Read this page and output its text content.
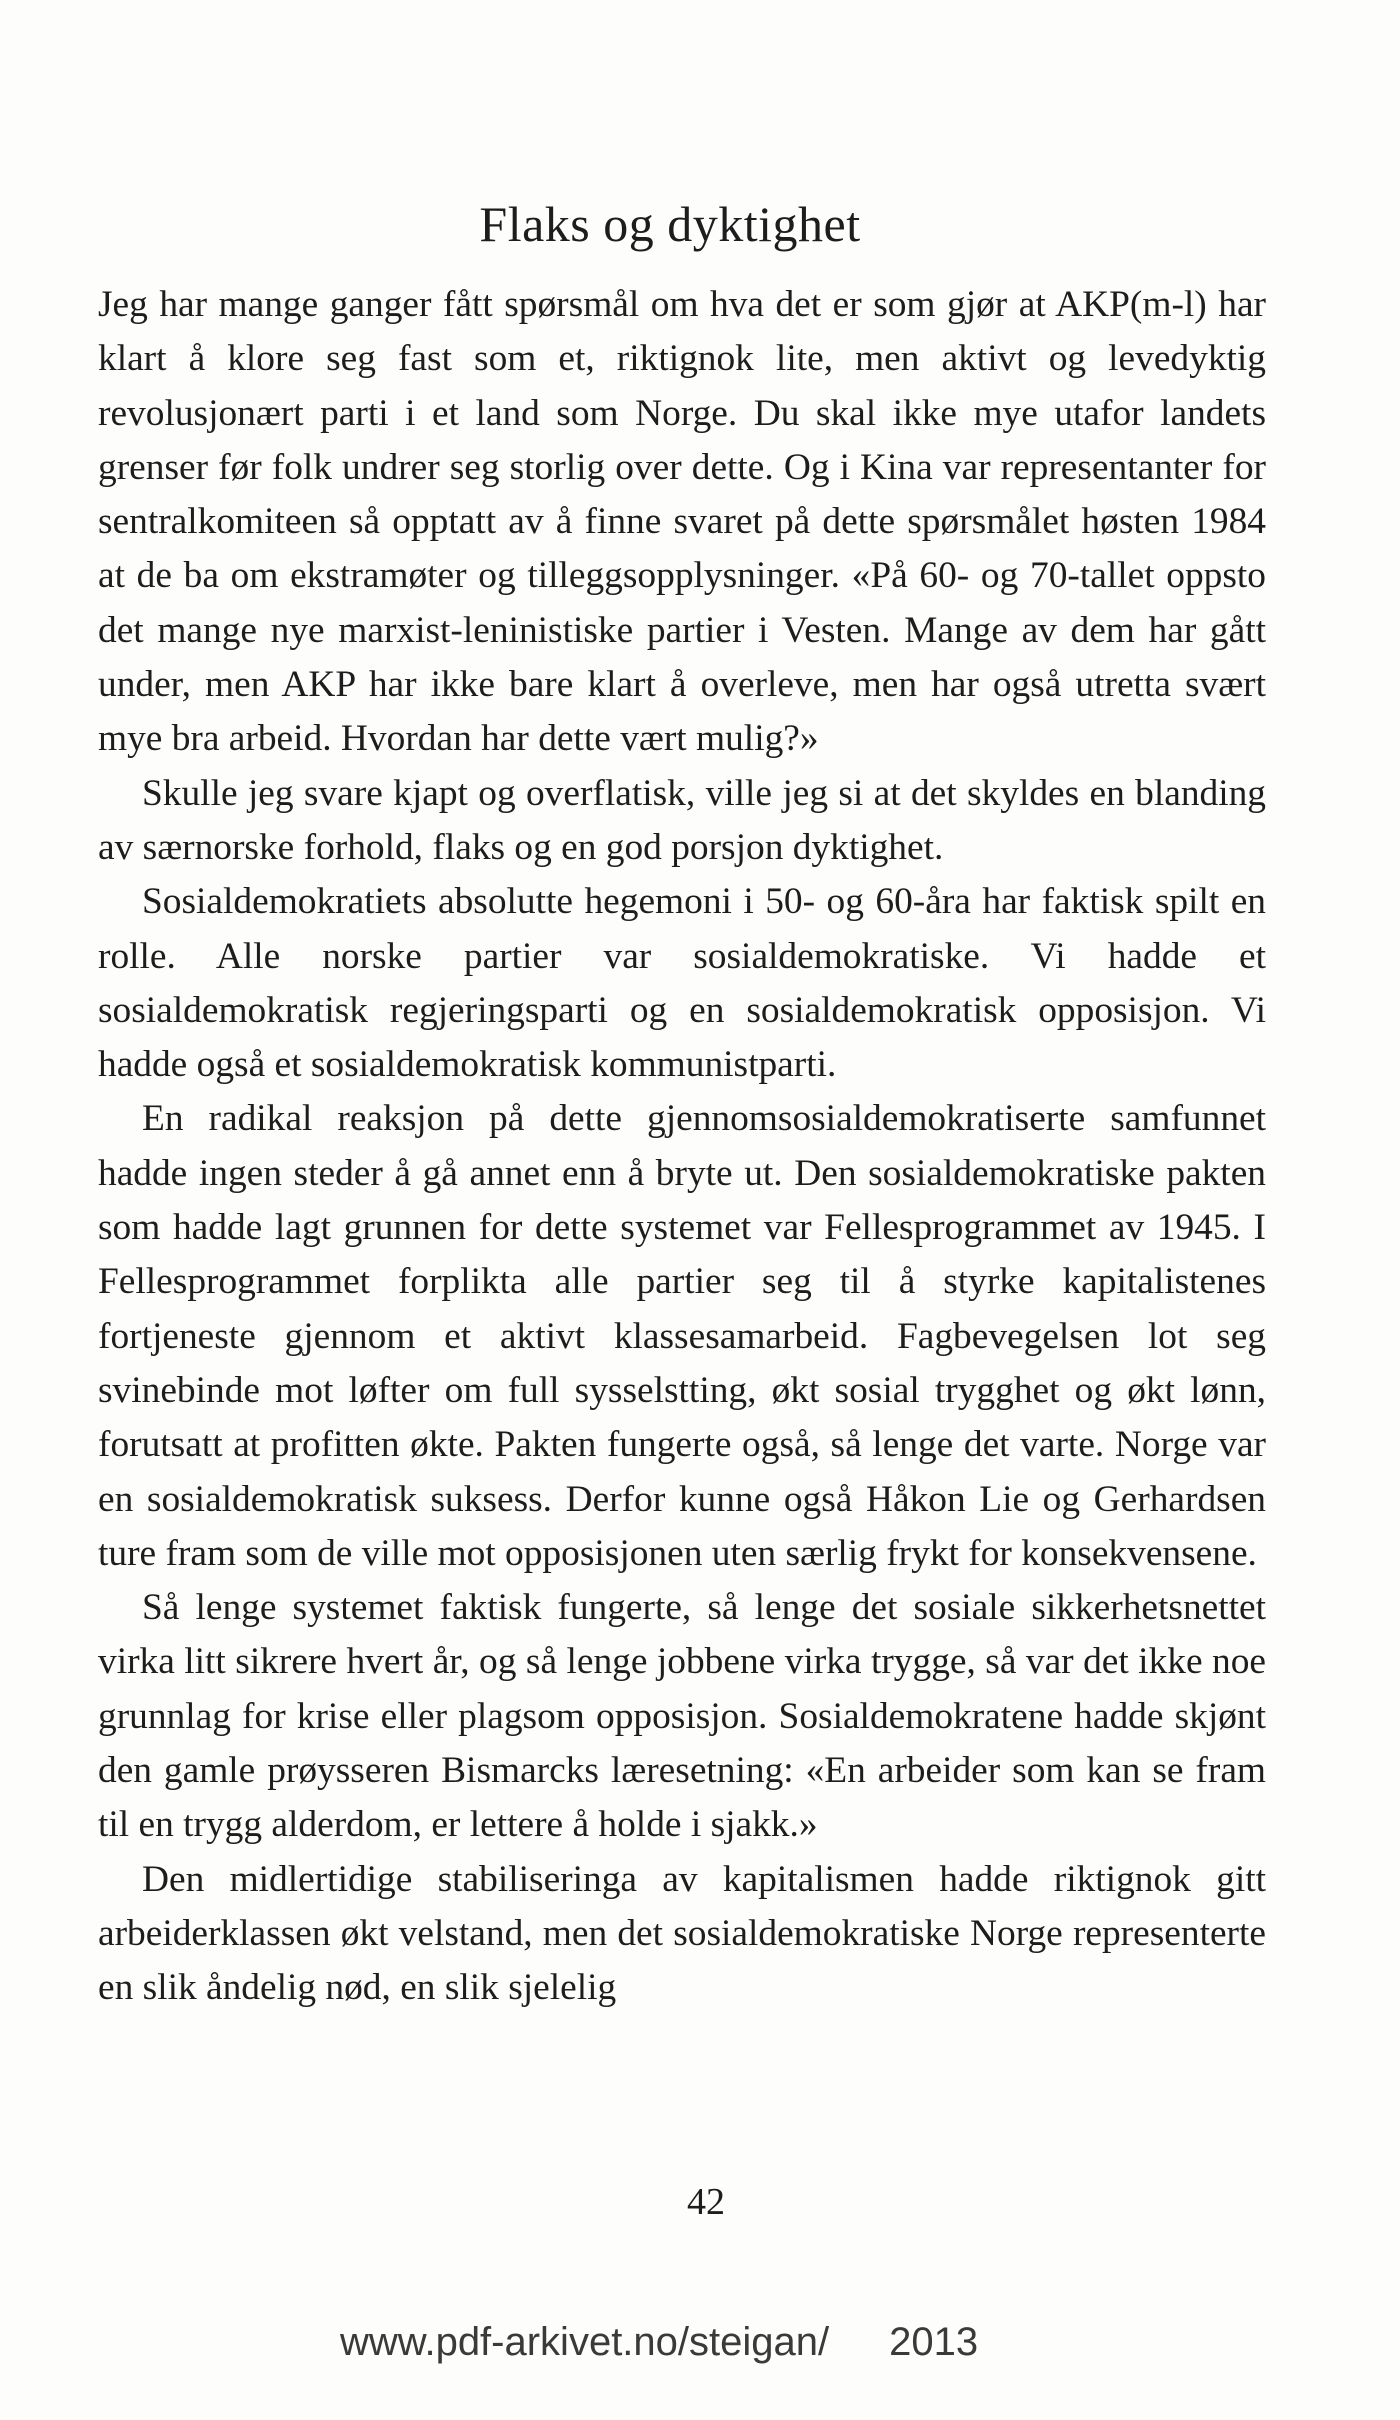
Flaks og dyktighet

Jeg har mange ganger fått spørsmål om hva det er som gjør at AKP(m-l) har klart å klore seg fast som et, riktignok lite, men aktivt og levedyktig revolusjonært parti i et land som Norge. Du skal ikke mye utafor landets grenser før folk undrer seg storlig over dette. Og i Kina var representanter for sentralkomiteen så opptatt av å finne svaret på dette spørsmålet høsten 1984 at de ba om ekstramøter og tilleggsopplysninger. «På 60- og 70-tallet oppsto det mange nye marxist-leninistiske partier i Vesten. Mange av dem har gått under, men AKP har ikke bare klart å overleve, men har også utretta svært mye bra arbeid. Hvordan har dette vært mulig?»

Skulle jeg svare kjapt og overflatisk, ville jeg si at det skyldes en blanding av særnorske forhold, flaks og en god porsjon dyktighet.

Sosialdemokratiets absolutte hegemoni i 50- og 60-åra har faktisk spilt en rolle. Alle norske partier var sosialdemokratiske. Vi hadde et sosialdemokratisk regjeringsparti og en sosialdemokratisk opposisjon. Vi hadde også et sosialdemokratisk kommunistparti.

En radikal reaksjon på dette gjennomsosialdemokratiserte samfunnet hadde ingen steder å gå annet enn å bryte ut. Den sosialdemokratiske pakten som hadde lagt grunnen for dette systemet var Fellesprogrammet av 1945. I Fellesprogrammet forplikta alle partier seg til å styrke kapitalistenes fortjeneste gjennom et aktivt klassesamarbeid. Fagbevegelsen lot seg svinebinde mot løfter om full sysselstting, økt sosial trygghet og økt lønn, forutsatt at profitten økte. Pakten fungerte også, så lenge det varte. Norge var en sosialdemokratisk suksess. Derfor kunne også Håkon Lie og Gerhardsen ture fram som de ville mot opposisjonen uten særlig frykt for konsekvensene.

Så lenge systemet faktisk fungerte, så lenge det sosiale sikkerhetsnettet virka litt sikrere hvert år, og så lenge jobbene virka trygge, så var det ikke noe grunnlag for krise eller plagsom opposisjon. Sosialdemokratene hadde skjønt den gamle prøysseren Bismarcks læresetning: «En arbeider som kan se fram til en trygg alderdom, er lettere å holde i sjakk.»

Den midlertidige stabiliseringa av kapitalismen hadde riktignok gitt arbeiderklassen økt velstand, men det sosialdemokratiske Norge representerte en slik åndelig nød, en slik sjelelig

42
www.pdf-arkivet.no/steigan/ 2013
